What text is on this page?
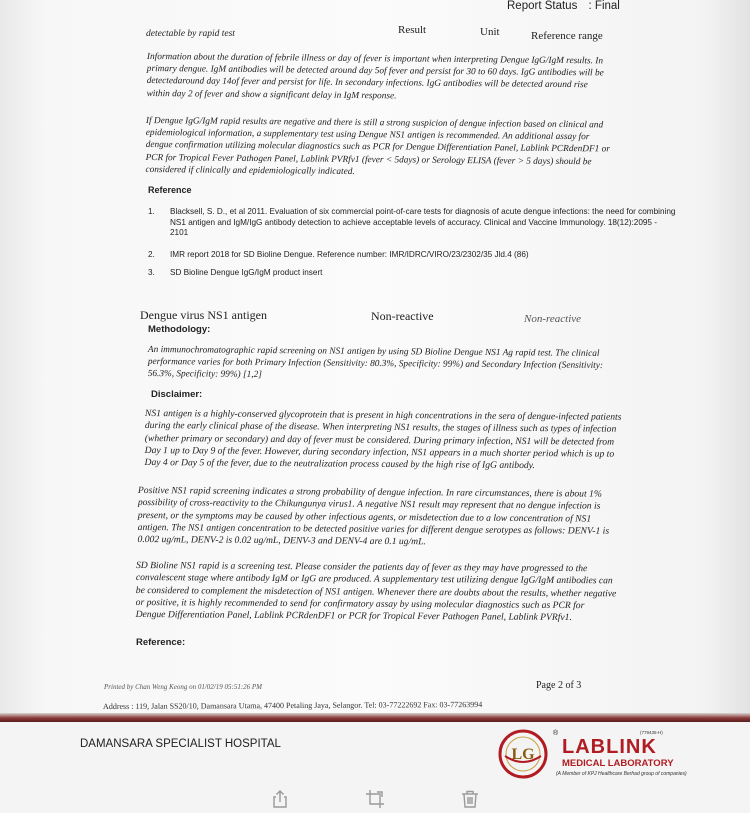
Report Status : Final
detectable by rapid test	Result	Unit	Reference range
Information about the duration of febrile illness or day of fever is important when interpreting Dengue IgG/IgM results. In
primary dengue. IgM antibodies will be detected around day 5of fever and persist for 30 to 60 days. IgG antibodies will be
detectedaround day 14of fever and persist for life. In secondary infections. IgG antibodies will be detected around rise
within day 2 of fever and show a significant delay in IgM response.
If Dengue IgG/IgM rapid results are negative and there is still a strong suspicion of dengue infection based on clinical and
epidemiological information, a supplementary test using Dengue NS1 antigen is recommended. An additional assay for
dengue confirmation utilizing molecular diagnostics such as PCR for Dengue Differentiation Panel, Lablink PCRdenDF1 or
PCR for Tropical Fever Pathogen Panel, Lablink PVRfv1 (fever < 5days) or Serology ELISA (fever > 5 days) should be
considered if clinically and epidemiologically indicated.
Reference
1. Blacksell, S. D., et al 2011. Evaluation of six commercial point-of-care tests for diagnosis of acute dengue infections: the need for combining
NS1 antigen and IgM/IgG antibody detection to achieve acceptable levels of accuracy. Clinical and Vaccine Immunology. 18(12):2095 -
2101
2. IMR report 2018 for SD Bioline Dengue. Reference number: IMR/IDRC/VIRO/23/2302/35 Jld.4 (86)
3. SD Bioline Dengue IgG/IgM product insert
Dengue virus NS1 antigen	Non-reactive	Non-reactive
Methodology:
An immunochromatographic rapid screening on NS1 antigen by using SD Bioline Dengue NS1 Ag rapid test. The clinical
performance varies for both Primary Infection (Sensitivity: 80.3%, Specificity: 99%) and Secondary Infection (Sensitivity:
56.3%, Specificity: 99%) [1,2]
Disclaimer:
NS1 antigen is a highly-conserved glycoprotein that is present in high concentrations in the sera of dengue-infected patients
during the early clinical phase of the disease. When interpreting NS1 results, the stages of illness such as types of infection
(whether primary or secondary) and day of fever must be considered. During primary infection, NS1 will be detected from
Day 1 up to Day 9 of the fever. However, during secondary infection, NS1 appears in a much shorter period which is up to
Day 4 or Day 5 of the fever, due to the neutralization process caused by the high rise of IgG antibody.
Positive NS1 rapid screening indicates a strong probability of dengue infection. In rare circumstances, there is about 1%
possibility of cross-reactivity to the Chikungunya virus1. A negative NS1 result may represent that no dengue infection is
present, or the symptoms may be caused by other infectious agents, or misdetection due to a low concentration of NS1
antigen. The NS1 antigen concentration to be detected positive varies for different dengue serotypes as follows: DENV-1 is
0.002 ug/mL, DENV-2 is 0.02 ug/mL, DENV-3 and DENV-4 are 0.1 ug/mL.
SD Bioline NS1 rapid is a screening test. Please consider the patients day of fever as they may have progressed to the
convalescent stage where antibody IgM or IgG are produced. A supplementary test utilizing dengue IgG/IgM antibodies can
be considered to complement the misdetection of NS1 antigen. Whenever there are doubts about the results, whether negative
or positive, it is highly recommended to send for confirmatory assay by using molecular diagnostics such as PCR for
Dengue Differentiation Panel, Lablink PCRdenDF1 or PCR for Tropical Fever Pathogen Panel, Lablink PVRfv1.
Reference:
Printed by Chan Weng Keong on 01/02/19 05:51:26 PM	Page 2 of 3
Address : 119, Jalan SS20/10, Damansara Utama, 47400 Petaling Jaya, Selangor. Tel: 03-77222692 Fax: 03-77263994
DAMANSARA SPECIALIST HOSPITAL
LG
®	(779435-H)
LABLINK
MEDICAL LABORATORY
(A Member of KPJ Healthcare Berhad group of companies)
